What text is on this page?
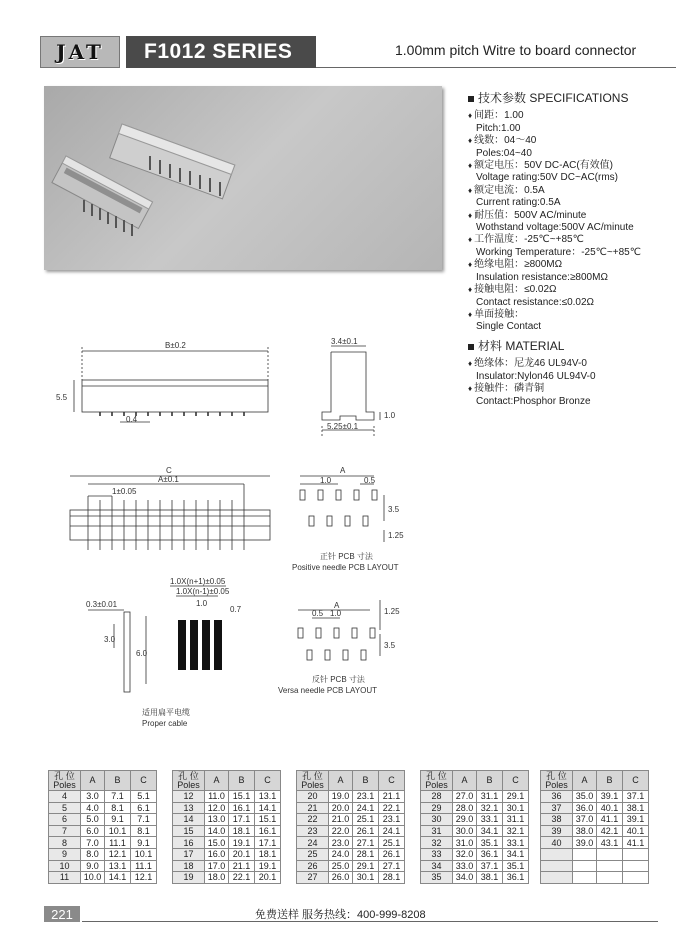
JAT F1012 SERIES	1.00mm pitch Witre to board connector
技术参数 SPECIFICATIONS
♦ 间距：1.00
Pitch:1.00
♦ 线数：04～40
Poles:04~40
♦ 额定电压：50V DC-AC(有效值)
Voltage rating:50V DC~AC(rms)
♦ 额定电流：0.5A
Current rating:0.5A
♦ 耐压值：500V AC/minute
Wothstand voltage:500V AC/minute
♦ 工作温度：-25℃~+85℃
Working Temperature：-25℃~+85℃
♦ 绝缘电阻：≥800MΩ
Insulation resistance:≥800MΩ
♦ 接触电阻：≤0.02Ω
Contact resistance:≤0.02Ω
♦ 单面接触：
Single Contact
材料 MATERIAL
♦ 绝缘体：尼龙46 UL94V-0
Insulator:Nylon46 UL94V-0
♦ 接触件：磷青铜
Contact:Phosphor Bronze
B±0.2
5.5
0.4
3.4±0.1
5.25±0.1
1.0
C
A±0.1
1±0.05
A
1.0	0.5
3.5
1.25
正针 PCB 寸法
Positive needle PCB LAYOUT
1.0X(n+1)±0.05
1.0X(n-1)±0.05
1.0
0.7
0.3±0.01
3.0
6.0
适用扁平电缆
Proper cable
A
0.5 1.0	1.25
3.5
反针 PCB 寸法
Versa needle PCB LAYOUT
孔 位
Poles	A	B	C
4	3.0	7.1	5.1
5	4.0	8.1	6.1
6	5.0	9.1	7.1
7	6.0	10.1	8.1
8	7.0	11.1	9.1
9	8.0	12.1	10.1
10	9.0	13.1	11.1
11	10.0	14.1	12.1
孔 位
Poles	A	B	C
12	11.0	15.1	13.1
13	12.0	16.1	14.1
14	13.0	17.1	15.1
15	14.0	18.1	16.1
16	15.0	19.1	17.1
17	16.0	20.1	18.1
18	17.0	21.1	19.1
19	18.0	22.1	20.1
孔 位
Poles	A	B	C
20	19.0	23.1	21.1
21	20.0	24.1	22.1
22	21.0	25.1	23.1
23	22.0	26.1	24.1
24	23.0	27.1	25.1
25	24.0	28.1	26.1
26	25.0	29.1	27.1
27	26.0	30.1	28.1
孔 位
Poles	A	B	C
28	27.0	31.1	29.1
29	28.0	32.1	30.1
30	29.0	33.1	31.1
31	30.0	34.1	32.1
32	31.0	35.1	33.1
33	32.0	36.1	34.1
34	33.0	37.1	35.1
35	34.0	38.1	36.1
孔 位
Poles	A	B	C
36	35.0	39.1	37.1
37	36.0	40.1	38.1
38	37.0	41.1	39.1
39	38.0	42.1	40.1
40	39.0	43.1	41.1

221	免费送样 服务热线：400-999-8208
